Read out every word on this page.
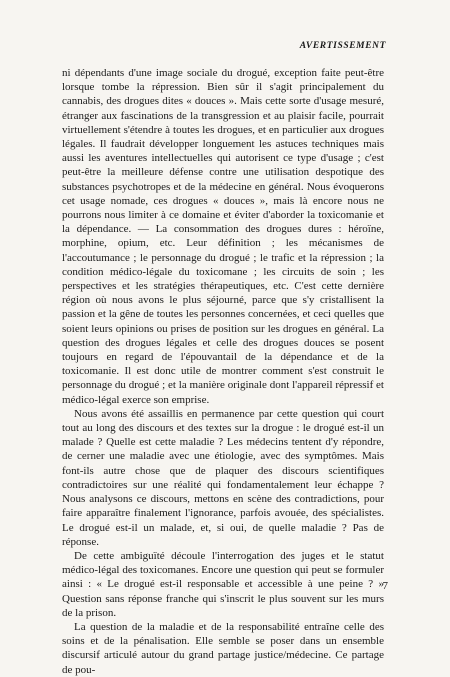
AVERTISSEMENT

ni dépendants d'une image sociale du drogué, exception faite peut-être lorsque tombe la répression. Bien sûr il s'agit principalement du cannabis, des drogues dites « douces ». Mais cette sorte d'usage mesuré, étranger aux fascinations de la transgression et au plaisir facile, pourrait virtuellement s'étendre à toutes les drogues, et en particulier aux drogues légales. Il faudrait développer longuement les astuces techniques mais aussi les aventures intellectuelles qui autorisent ce type d'usage ; c'est peut-être la meilleure défense contre une utilisation despotique des substances psychotropes et de la médecine en général. Nous évoquerons cet usage nomade, ces drogues « douces », mais là encore nous ne pourrons nous limiter à ce domaine et éviter d'aborder la toxicomanie et la dépendance. — La consommation des drogues dures : héroïne, morphine, opium, etc. Leur définition ; les mécanismes de l'accoutumance ; le personnage du drogué ; le trafic et la répression ; la condition médico-légale du toxicomane ; les circuits de soin ; les perspectives et les stratégies thérapeutiques, etc. C'est cette dernière région où nous avons le plus séjourné, parce que s'y cristallisent la passion et la gêne de toutes les personnes concernées, et ceci quelles que soient leurs opinions ou prises de position sur les drogues en général. La question des drogues légales et celle des drogues douces se posent toujours en regard de l'épouvantail de la dépendance et de la toxicomanie. Il est donc utile de montrer comment s'est construit le personnage du drogué ; et la manière originale dont l'appareil répressif et médico-légal exerce son emprise.

Nous avons été assaillis en permanence par cette question qui court tout au long des discours et des textes sur la drogue : le drogué est-il un malade ? Quelle est cette maladie ? Les médecins tentent d'y répondre, de cerner une maladie avec une étiologie, avec des symptômes. Mais font-ils autre chose que de plaquer des discours scientifiques contradictoires sur une réalité qui fondamentalement leur échappe ? Nous analysons ce discours, mettons en scène des contradictions, pour faire apparaître finalement l'ignorance, parfois avouée, des spécialistes. Le drogué est-il un malade, et, si oui, de quelle maladie ? Pas de réponse.

De cette ambiguïté découle l'interrogation des juges et le statut médico-légal des toxicomanes. Encore une question qui peut se formuler ainsi : « Le drogué est-il responsable et accessible à une peine ? » Question sans réponse franche qui s'inscrit le plus souvent sur les murs de la prison.

La question de la maladie et de la responsabilité entraîne celle des soins et de la pénalisation. Elle semble se poser dans un ensemble discursif articulé autour du grand partage justice/médecine. Ce partage de pou-

7
